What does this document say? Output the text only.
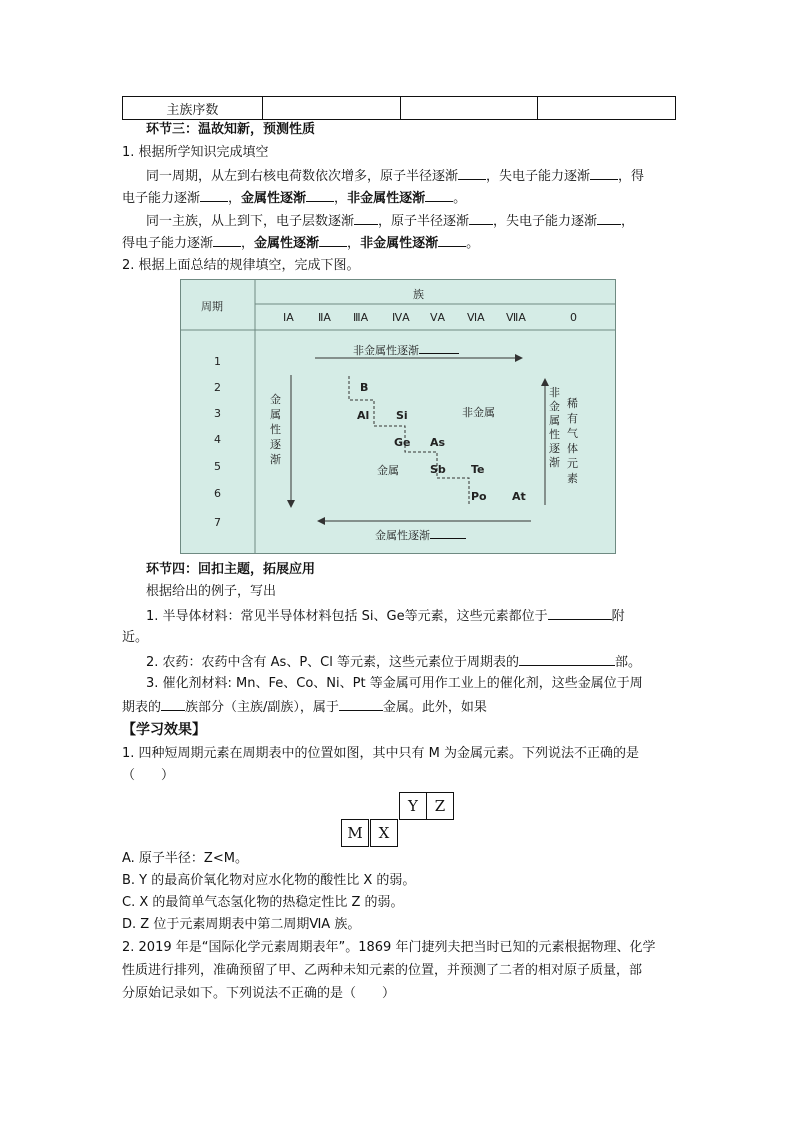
主族序数
环节三：温故知新，预测性质
1. 根据所学知识完成填空
同一周期，从左到右核电荷数依次增多，原子半径逐渐 ，失电子能力逐渐 ，得
电子能力逐渐 ，金属性逐渐 ，非金属性逐渐 。
同一主族，从上到下，电子层数逐渐 ，原子半径逐渐 ，失电子能力逐渐 ，
得电子能力逐渐 ，金属性逐渐 ，非金属性逐渐 。
2. 根据上面总结的规律填空，完成下图。
周期
族
ⅠA ⅡA ⅢA ⅣA ⅤA ⅥA ⅦA	0
1
2
3
4
5
6
7
非金属性逐渐
金属性逐渐
金属性逐渐
非金属性逐渐
稀有气体元素
非金属
金属
B
Al Si
Ge As
Sb Te
Po At
环节四：回扣主题，拓展应用
根据给出的例子，写出
1. 半导体材料：常见半导体材料包括 Si、Ge等元素，这些元素都位于	附
近。
2. 农药：农药中含有 As、P、Cl 等元素，这些元素位于周期表的	部。
3. 催化剂材料: Mn、Fe、Co、Ni、Pt 等金属可用作工业上的催化剂，这些金属位于周
期表的 族部分（主族/副族），属于	金属。此外，如果
【学习效果】
1. 四种短周期元素在周期表中的位置如图，其中只有 M 为金属元素。下列说法不正确的是
（　　）
Y	Z
M	X
A. 原子半径：Z<M。
B. Y 的最高价氧化物对应水化物的酸性比 X 的弱。
C. X 的最简单气态氢化物的热稳定性比 Z 的弱。
D. Z 位于元素周期表中第二周期ⅥA 族。
2. 2019 年是“国际化学元素周期表年”。1869 年门捷列夫把当时已知的元素根据物理、化学
性质进行排列，准确预留了甲、乙两种未知元素的位置，并预测了二者的相对原子质量，部
分原始记录如下。下列说法不正确的是（　　）
